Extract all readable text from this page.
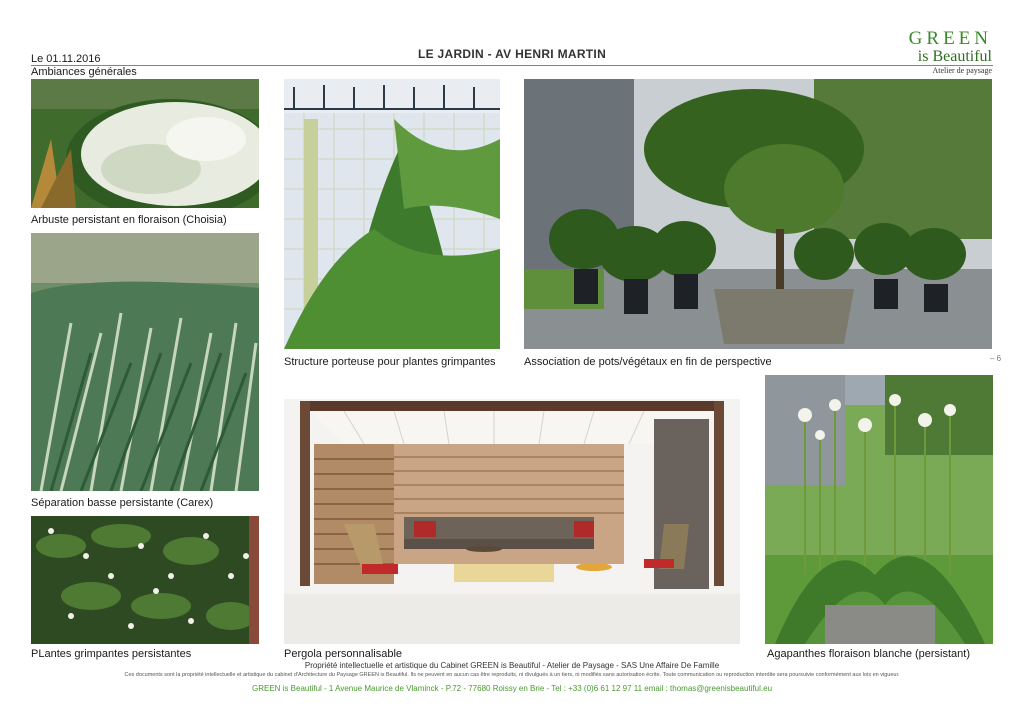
Le 01.11.2016
Ambiances générales
LE JARDIN - AV HENRI MARTIN
GREEN
is Beautiful
Atelier de paysage
Arbuste persistant en floraison (Choisia)
Séparation basse persistante (Carex)
PLantes grimpantes persistantes
Structure porteuse pour plantes grimpantes	Association de pots/végétaux en fin de perspective	– 6
Pergola personnalisable	Agapanthes floraison blanche (persistant)
Propriété intellectuelle et artistique du Cabinet GREEN is Beautiful - Atelier de Paysage - SAS Une Affaire De Famille
Ces documents sont la propriété intellectuelle et artistique du cabinet d'Architecture du Paysage GREEN is Beautiful. Ils ne peuvent en aucun cas être reproduits, ni divulgués à un tiers, ni modifiés sans autorisation écrite. Toute communication ou reproduction interdite sera poursuivie conformément aux lois en vigueur.
GREEN is Beautiful - 1 Avenue Maurice de Vlaminck - P.72 - 77680 Roissy en Brie - Tel : +33 (0)6 61 12 97 11 email : thomas@greenisbeautiful.eu
